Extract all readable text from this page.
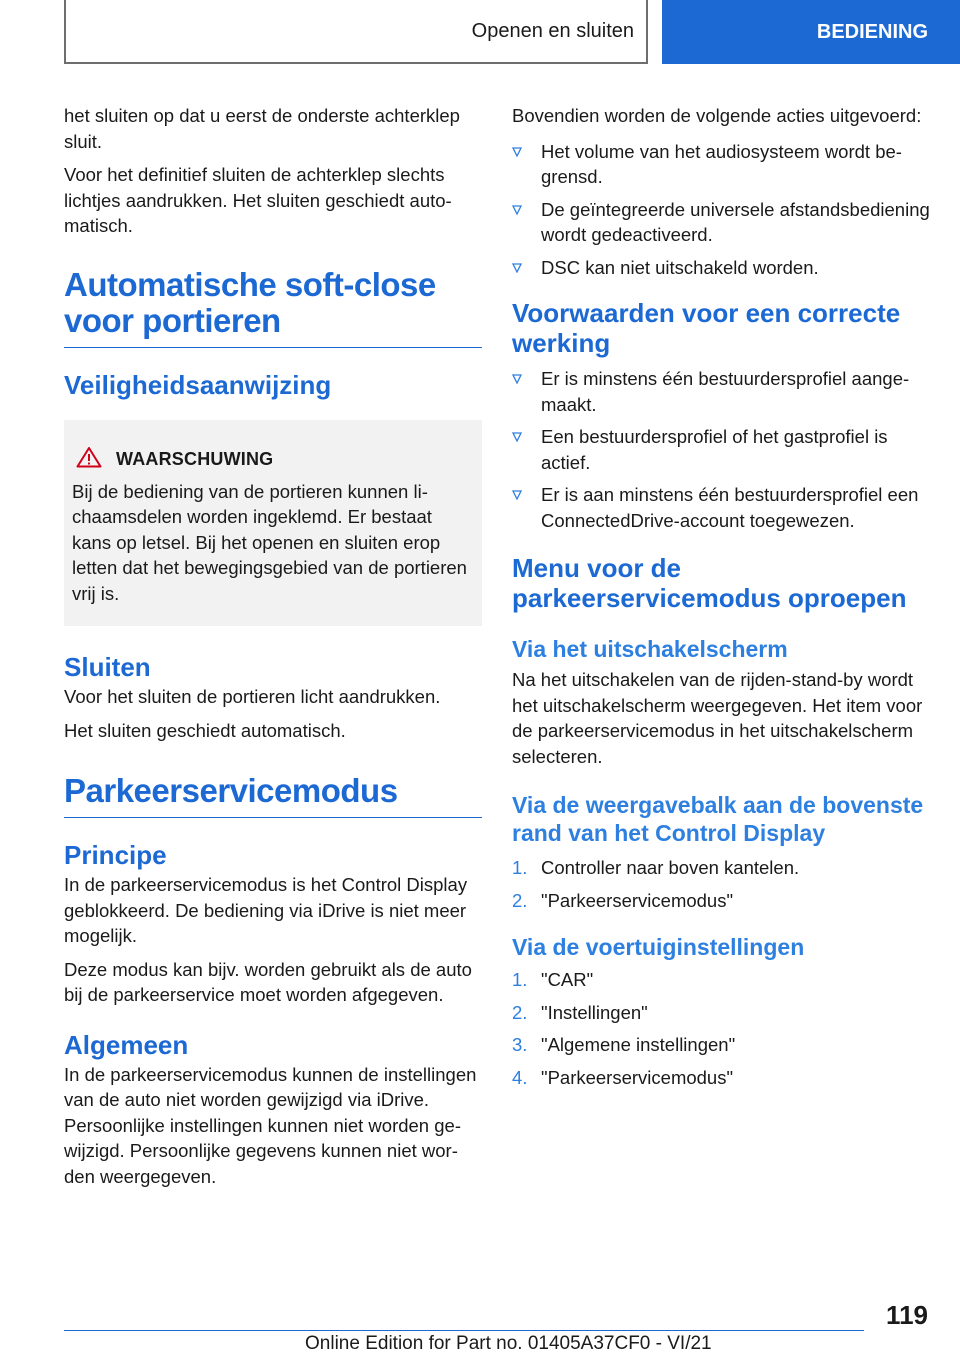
Openen en sluiten	BEDIENING

het sluiten op dat u eerst de onderste achterklep sluit.

Voor het definitief sluiten de achterklep slechts lichtjes aandrukken. Het sluiten geschiedt automatisch.

Automatische soft-close voor portieren
Veiligheidsaanwijzing
WAARSCHUWING

Bij de bediening van de portieren kunnen lichaamsdelen worden ingeklemd. Er bestaat kans op letsel. Bij het openen en sluiten erop letten dat het bewegingsgebied van de portieren vrij is.

Sluiten

Voor het sluiten de portieren licht aandrukken.

Het sluiten geschiedt automatisch.

Parkeerservicemodus
Principe

In de parkeerservicemodus is het Control Display geblokkeerd. De bediening via iDrive is niet meer mogelijk.

Deze modus kan bijv. worden gebruikt als de auto bij de parkeerservice moet worden afgegeven.

Algemeen

In de parkeerservicemodus kunnen de instellingen van de auto niet worden gewijzigd via iDrive. Persoonlijke instellingen kunnen niet worden gewijzigd. Persoonlijke gegevens kunnen niet worden weergegeven.

Bovendien worden de volgende acties uitgevoerd:

Het volume van het audiosysteem wordt begrensd.
De geïntegreerde universele afstandsbediening wordt gedeactiveerd.
DSC kan niet uitschakeld worden.
Voorwaarden voor een correcte werking
Er is minstens één bestuurdersprofiel aangemaakt.
Een bestuurdersprofiel of het gastprofiel is actief.
Er is aan minstens één bestuurdersprofiel een ConnectedDrive-account toegewezen.
Menu voor de parkeerservicemodus oproepen
Via het uitschakelscherm

Na het uitschakelen van de rijden-stand-by wordt het uitschakelscherm weergegeven. Het item voor de parkeerservicemodus in het uitschakelscherm selecteren.

Via de weergavebalk aan de bovenste rand van het Control Display
1. Controller naar boven kantelen.
2. "Parkeerservicemodus"
Via de voertuiginstellingen
1. "CAR"
2. "Instellingen"
3. "Algemene instellingen"
4. "Parkeerservicemodus"
119
Online Edition for Part no. 01405A37CF0 - VI/21
